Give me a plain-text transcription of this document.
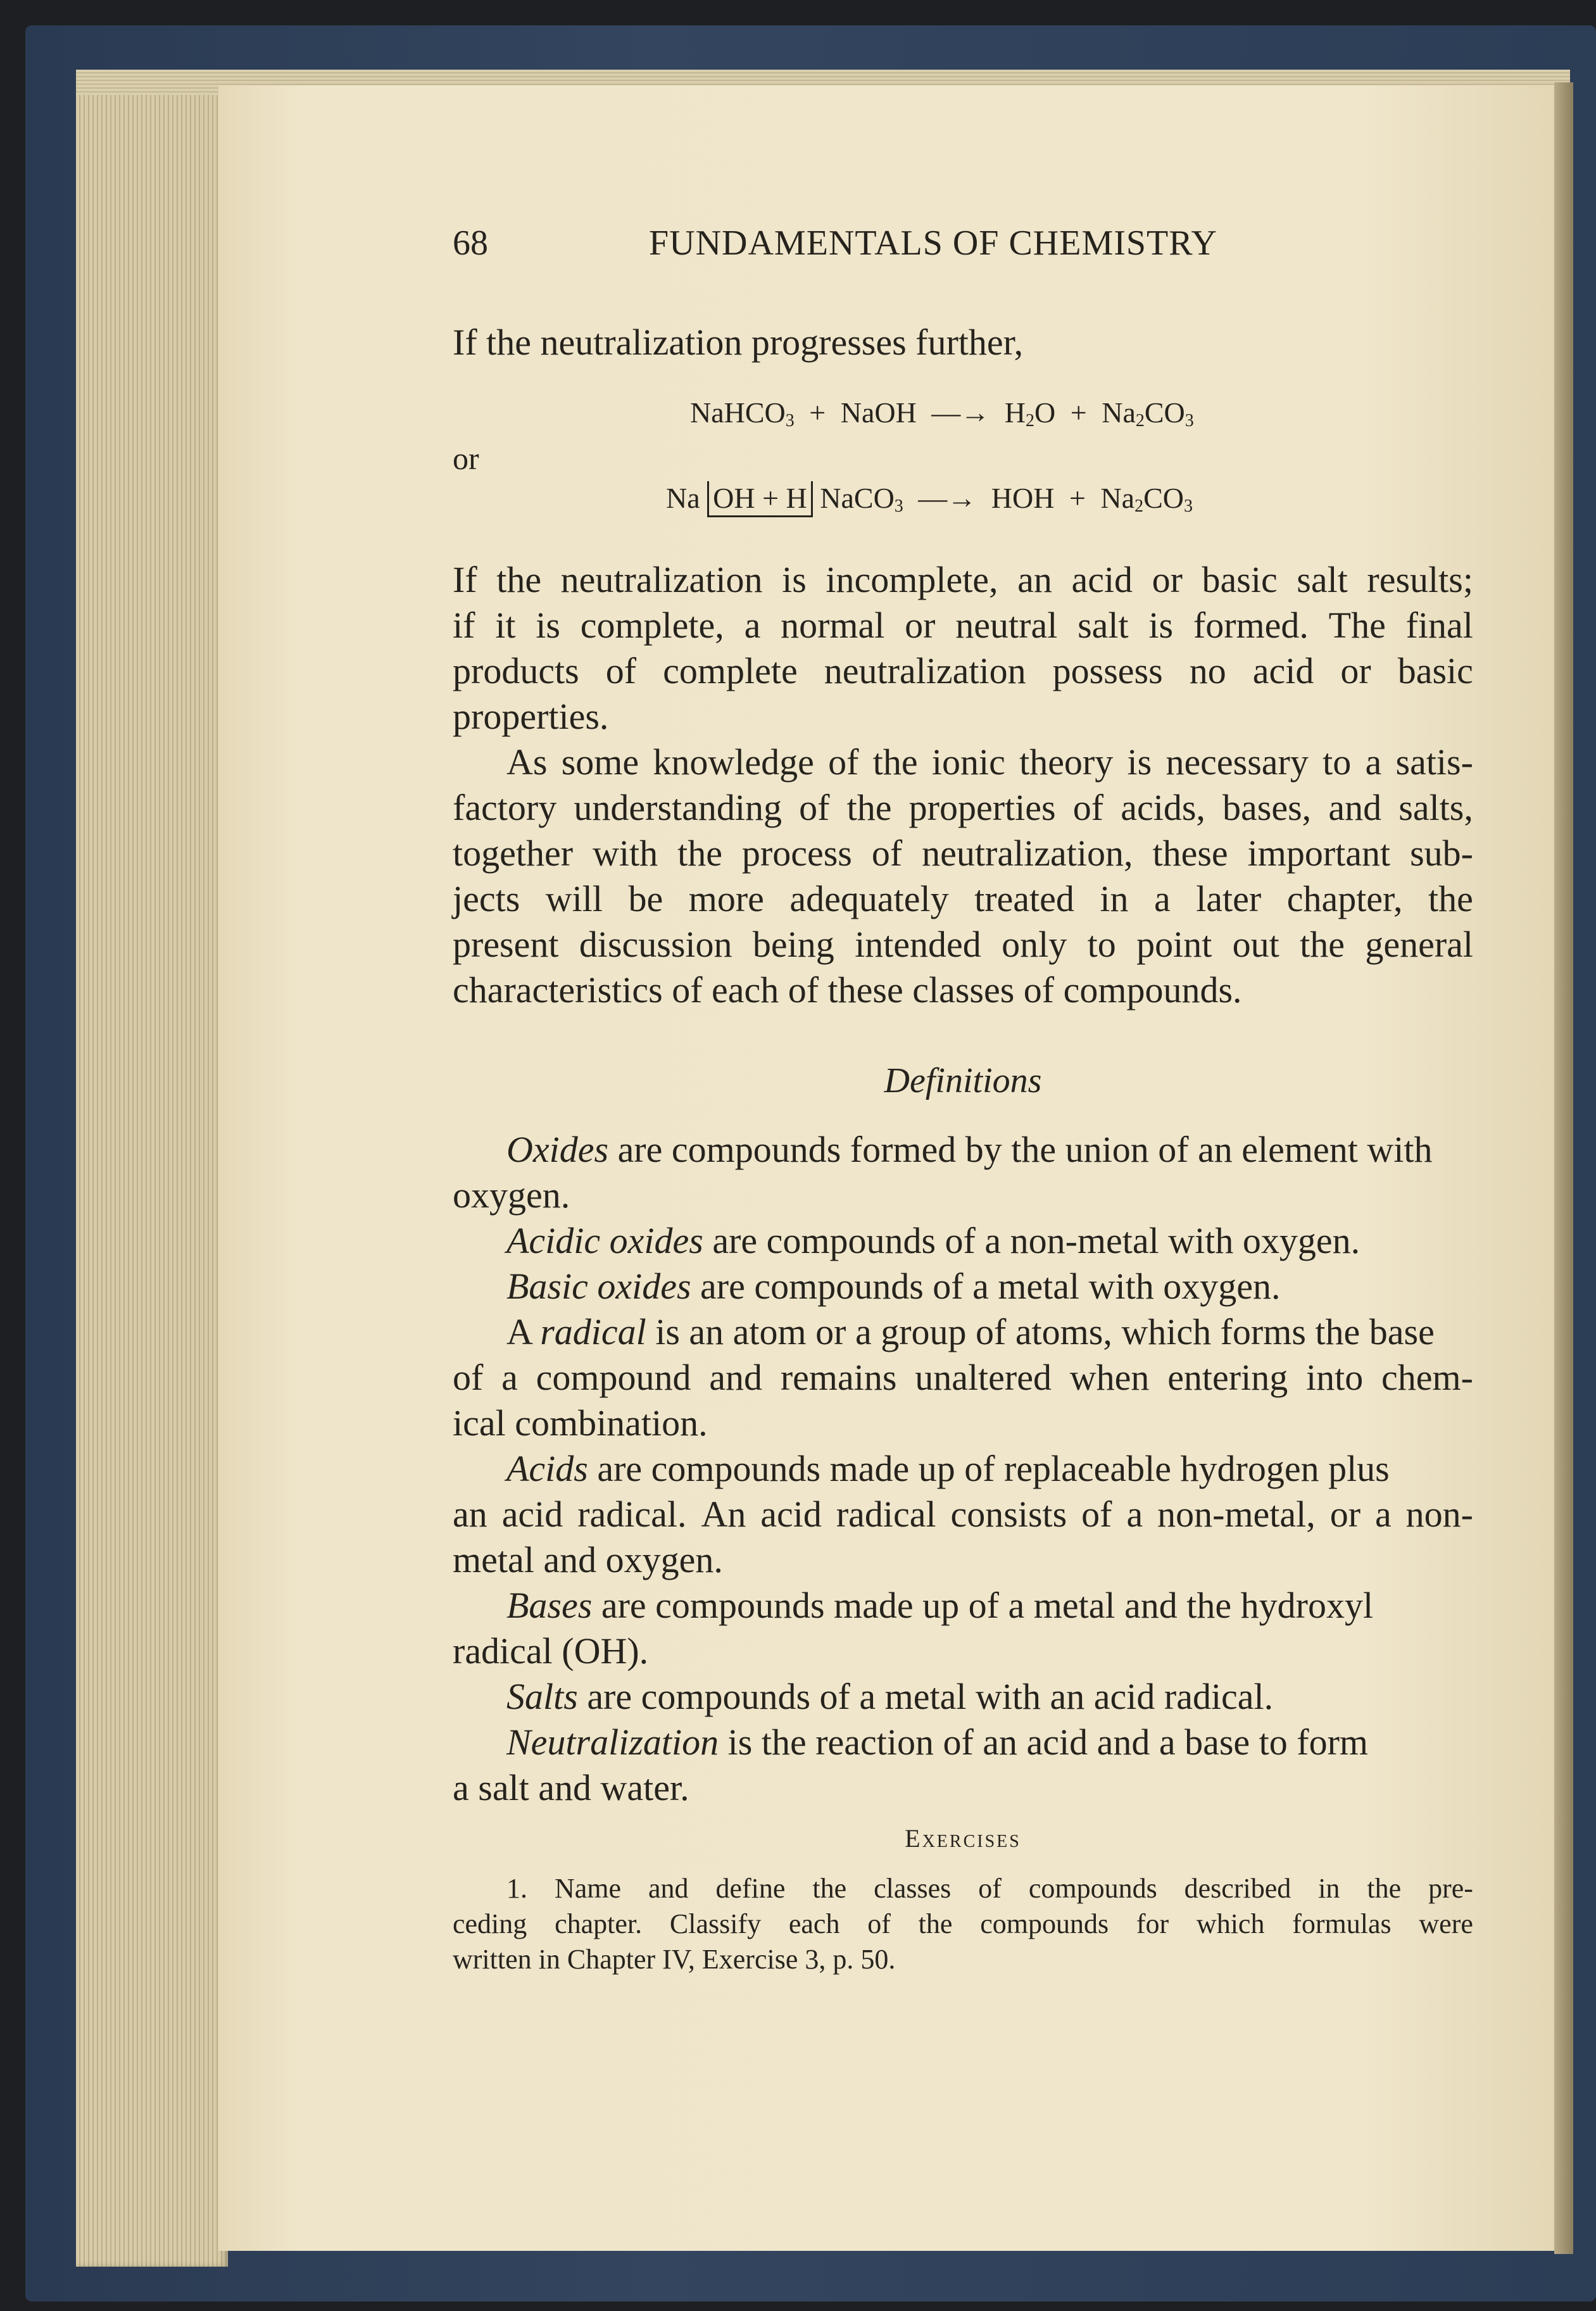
68	FUNDAMENTALS OF CHEMISTRY
If the neutralization progresses further,
NaHCO$_3$ + NaOH —→ $H_2O + Na_2CO_3$
or
Na OH + H NaCO$_3$ —→ HOH + $Na_2CO_3$
If the neutralization is incomplete, an acid or basic salt results;
if it is complete, a normal or neutral salt is formed. The final
products of complete neutralization possess no acid or basic
properties.
As some knowledge of the ionic theory is necessary to a satis-
factory understanding of the properties of acids, bases, and salts,
together with the process of neutralization, these important sub-
jects will be more adequately treated in a later chapter, the
present discussion being intended only to point out the general
characteristics of each of these classes of compounds.
Definitions
Oxides are compounds formed by the union of an element with
oxygen.
Acidic oxides are compounds of a non-metal with oxygen.
Basic oxides are compounds of a metal with oxygen.
A radical is an atom or a group of atoms, which forms the base
of a compound and remains unaltered when entering into chem-
ical combination.
Acids are compounds made up of replaceable hydrogen plus
an acid radical. An acid radical consists of a non-metal, or a non-
metal and oxygen.
Bases are compounds made up of a metal and the hydroxyl
radical (OH).
Salts are compounds of a metal with an acid radical.
Neutralization is the reaction of an acid and a base to form
a salt and water.
Exercises
1. Name and define the classes of compounds described in the pre-
ceding chapter. Classify each of the compounds for which formulas were
written in Chapter IV, Exercise 3, p. 50.
